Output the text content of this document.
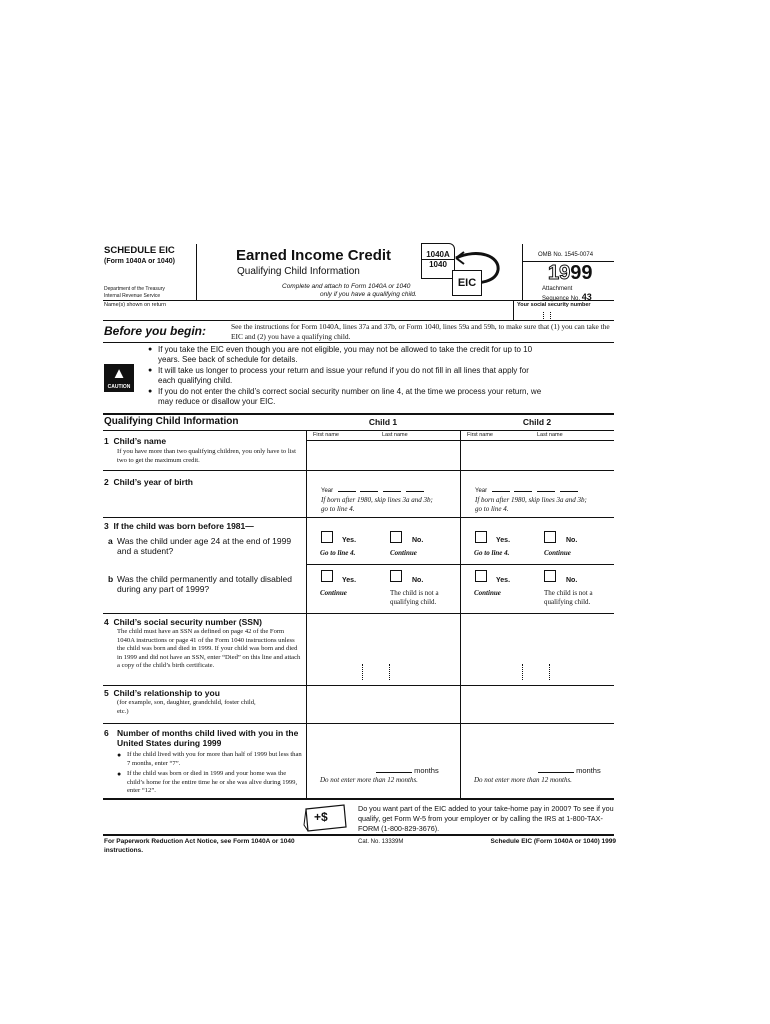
SCHEDULE EIC
(Form 1040A or 1040)
Department of the Treasury
Internal Revenue Service
Earned Income Credit
Qualifying Child Information
Complete and attach to Form 1040A or 1040
only if you have a qualifying child.
1040A
1040
EIC
OMB No. 1545-0074
1999
Attachment
Sequence No. 43
Name(s) shown on return	Your social security number
Before you begin:	See the instructions for Form 1040A, lines 37a and 37b, or Form 1040, lines 59a and 59h, to make sure that (1) you can take the EIC and (2) you have a qualifying child.
▲
CAUTION
● If you take the EIC even though you are not eligible, you may not be allowed to take the credit for up to 10 years. See back of schedule for details.
● It will take us longer to process your return and issue your refund if you do not fill in all lines that apply for each qualifying child.
● If you do not enter the child’s correct social security number on line 4, at the time we process your return, we may reduce or disallow your EIC.
Qualifying Child Information	Child 1	Child 2
1 Child’s name
If you have more than two qualifying children, you only have to list two to get the maximum credit.
First name	Last name	First name	Last name
2 Child’s year of birth
Year	Year
If born after 1980, skip lines 3a and 3b; go to line 4.
If born after 1980, skip lines 3a and 3b; go to line 4.
3 If the child was born before 1981—
a Was the child under age 24 at the end of 1999 and a student?
Yes.	No.
Go to line 4.	Continue
Yes.	No.
Go to line 4.	Continue
b Was the child permanently and totally disabled during any part of 1999?
Yes.	No.
Continue	The child is not a qualifying child.
Yes.	No.
Continue	The child is not a qualifying child.
4 Child’s social security number (SSN)
The child must have an SSN as defined on page 42 of the Form 1040A instructions or page 41 of the Form 1040 instructions unless the child was born and died in 1999. If your child was born and died in 1999 and did not have an SSN, enter “Died” on this line and attach a copy of the child’s birth certificate.
5 Child’s relationship to you
(for example, son, daughter, grandchild, foster child, etc.)
6 Number of months child lived with you in the United States during 1999
● If the child lived with you for more than half of 1999 but less than 7 months, enter “7”.
● If the child was born or died in 1999 and your home was the child’s home for the entire time he or she was alive during 1999, enter “12”.
months
Do not enter more than 12 months.
months
Do not enter more than 12 months.
+$
Do you want part of the EIC added to your take-home pay in 2000? To see if you qualify, get Form W-5 from your employer or by calling the IRS at 1-800-TAX-FORM (1-800-829-3676).
For Paperwork Reduction Act Notice, see Form 1040A or 1040 instructions.
Cat. No. 13339M	Schedule EIC (Form 1040A or 1040) 1999
